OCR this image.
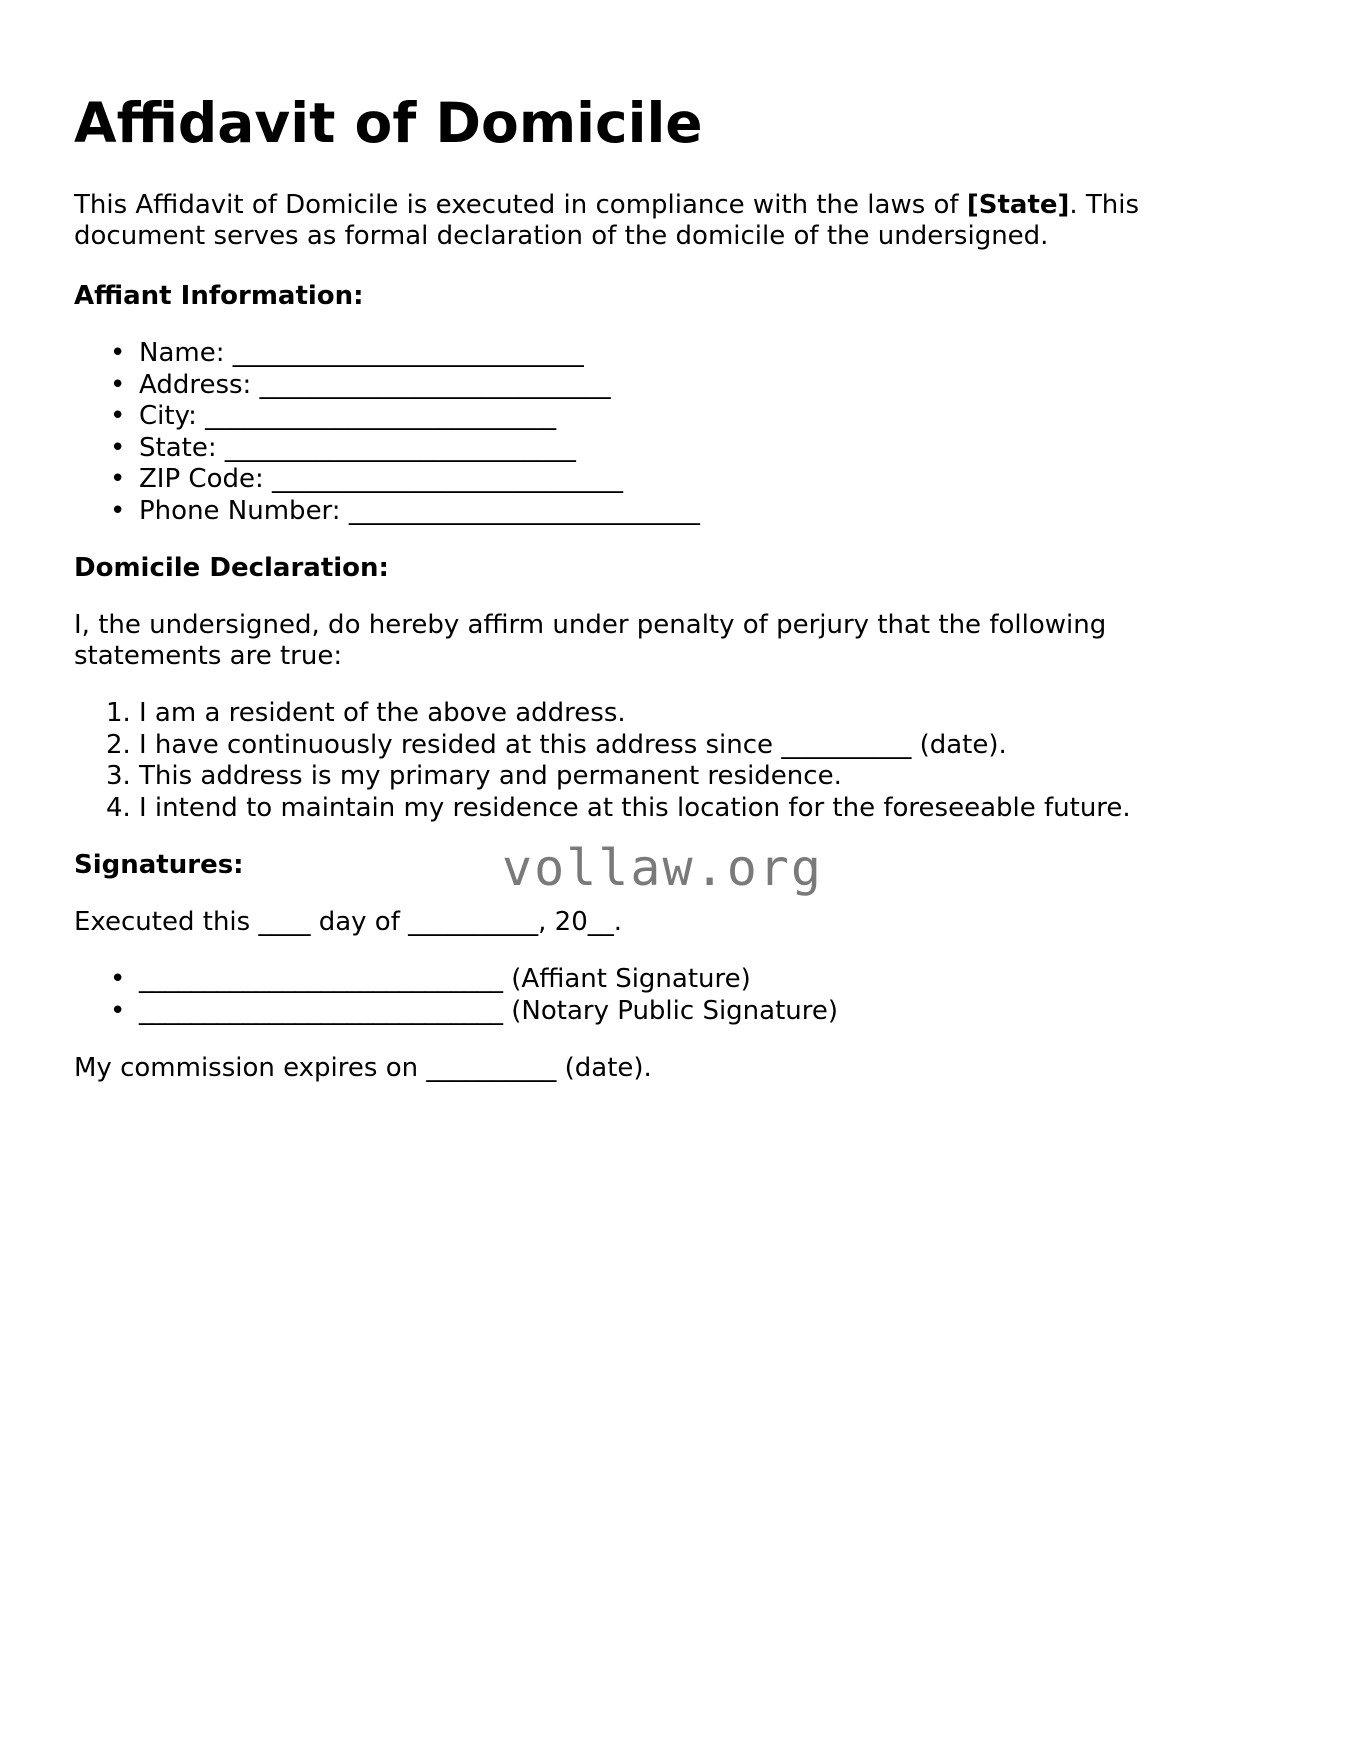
Affidavit of Domicile

This Affidavit of Domicile is executed in compliance with the laws of [State]. This
document serves as formal declaration of the domicile of the undersigned.

Affiant Information:

• Name: ___________________________
• Address: ___________________________
• City: ___________________________
• State: ___________________________
• ZIP Code: ___________________________
• Phone Number: ___________________________

Domicile Declaration:

I, the undersigned, do hereby affirm under penalty of perjury that the following
statements are true:

1. I am a resident of the above address.
2. I have continuously resided at this address since __________ (date).
3. This address is my primary and permanent residence.
4. I intend to maintain my residence at this location for the foreseeable future.

Signatures:

Executed this ____ day of __________, 20__.

• ____________________________ (Affiant Signature)
• ____________________________ (Notary Public Signature)

My commission expires on __________ (date).

vollaw.org
